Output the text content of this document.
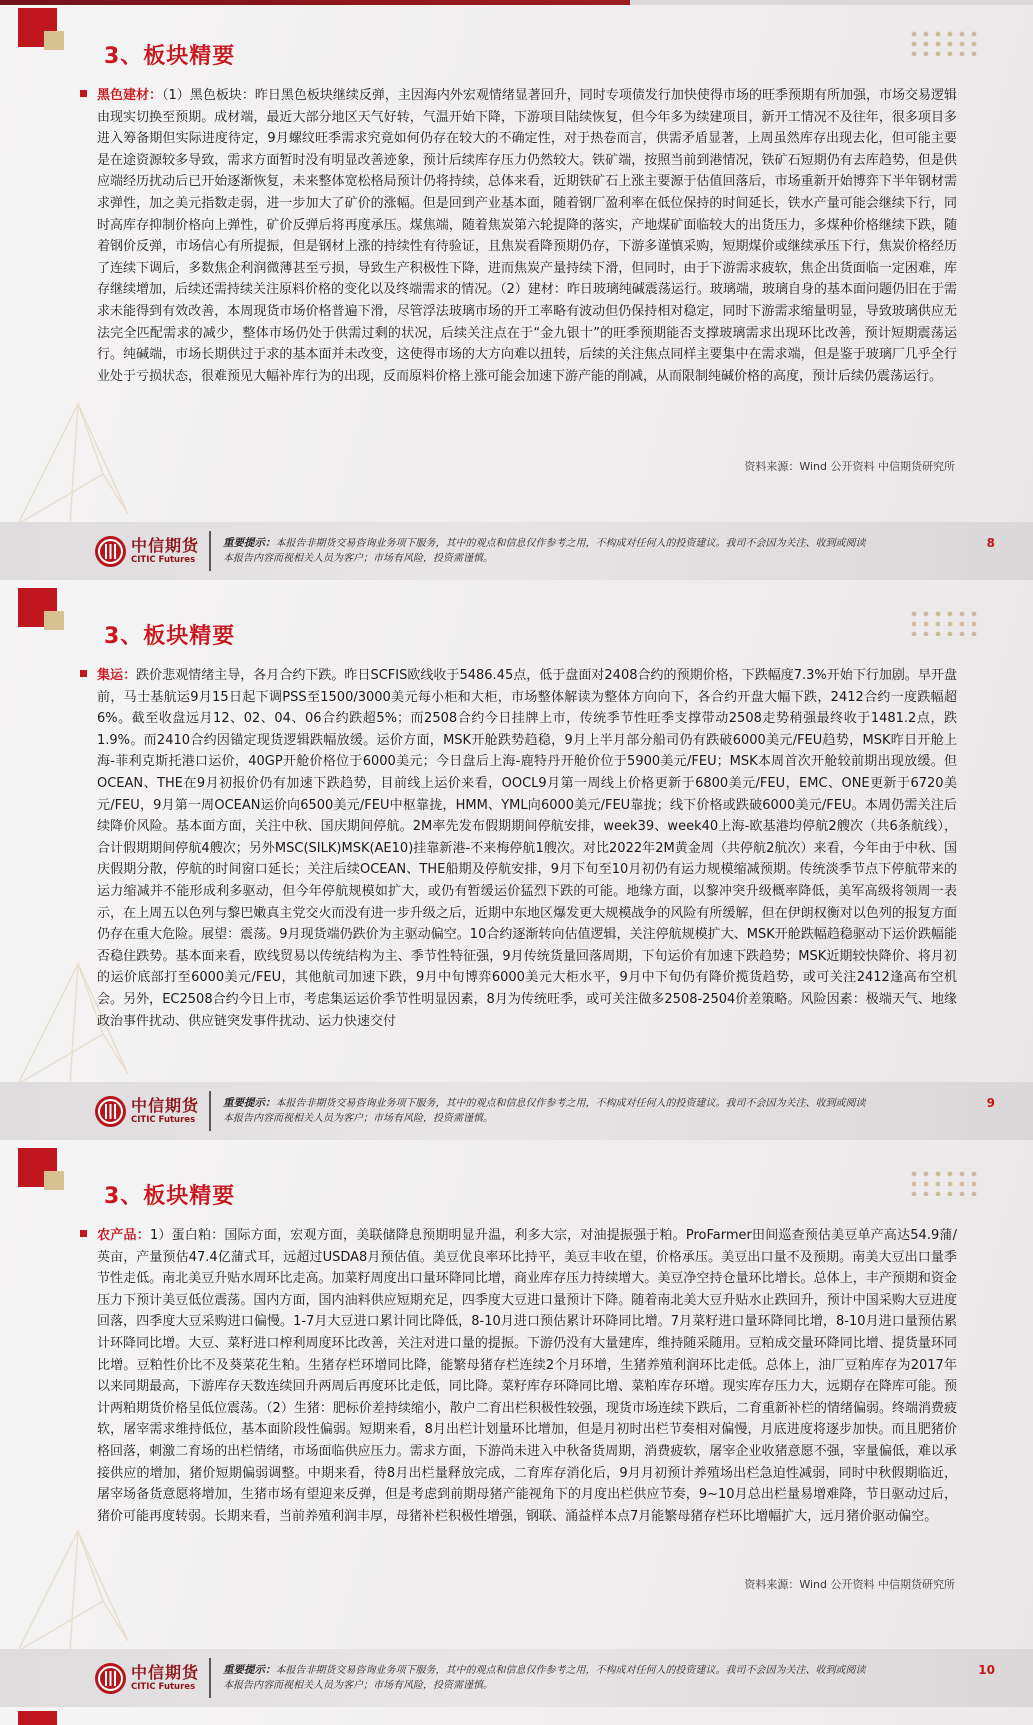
3、板块精要

黑色建材：（1）黑色板块：昨日黑色板块继续反弹，主因海内外宏观情绪显著回升，同时专项债发行加快使得市场的旺季预期有所加强，市场交易逻辑由现实切换至预期。成材端，最近大部分地区天气好转，气温开始下降，下游项目陆续恢复，但今年多为续建项目，新开工情况不及往年，很多项目多进入筹备期但实际进度待定，9月螺纹旺季需求究竟如何仍存在较大的不确定性，对于热卷而言，供需矛盾显著，上周虽然库存出现去化，但可能主要是在途资源较多导致，需求方面暂时没有明显改善迹象，预计后续库存压力仍然较大。铁矿端，按照当前到港情况，铁矿石短期仍有去库趋势，但是供应端经历扰动后已开始逐渐恢复，未来整体宽松格局预计仍将持续，总体来看，近期铁矿石上涨主要源于估值回落后，市场重新开始博弈下半年钢材需求弹性，加之美元指数走弱，进一步加大了矿价的涨幅。但是回到产业基本面，随着钢厂盈利率在低位保持的时间延长，铁水产量可能会继续下行，同时高库存抑制价格向上弹性，矿价反弹后将再度承压。煤焦端，随着焦炭第六轮提降的落实，产地煤矿面临较大的出货压力，多煤种价格继续下跌，随着钢价反弹，市场信心有所提振，但是钢材上涨的持续性有待验证，且焦炭看降预期仍存，下游多谨慎采购，短期煤价或继续承压下行，焦炭价格经历了连续下调后，多数焦企利润微薄甚至亏损，导致生产积极性下降，进而焦炭产量持续下滑，但同时，由于下游需求疲软，焦企出货面临一定困难，库存继续增加，后续还需持续关注原料价格的变化以及终端需求的情况。（2）建材：昨日玻璃纯碱震荡运行。玻璃端，玻璃自身的基本面问题仍旧在于需求未能得到有效改善，本周现货市场价格普遍下滑，尽管浮法玻璃市场的开工率略有波动但仍保持相对稳定，同时下游需求缩量明显，导致玻璃供应无法完全匹配需求的减少，整体市场仍处于供需过剩的状况，后续关注点在于“金九银十”的旺季预期能否支撑玻璃需求出现环比改善，预计短期震荡运行。纯碱端，市场长期供过于求的基本面并未改变，这使得市场的大方向难以扭转，后续的关注焦点同样主要集中在需求端，但是鉴于玻璃厂几乎全行业处于亏损状态，很难预见大幅补库行为的出现，反而原料价格上涨可能会加速下游产能的削减，从而限制纯碱价格的高度，预计后续仍震荡运行。

资料来源：Wind 公开资料 中信期货研究所
中信期货
CITIC Futures
重要提示：本报告非期货交易咨询业务项下服务，其中的观点和信息仅作参考之用，不构成对任何人的投资建议。我司不会因为关注、收到或阅读
本报告内容而视相关人员为客户；市场有风险，投资需谨慎。
8
3、板块精要

集运：跌价悲观情绪主导，各月合约下跌。昨日SCFIS欧线收于5486.45点，低于盘面对2408合约的预期价格，下跌幅度7.3%开始下行加剧。早开盘前，马士基航运9月15日起下调PSS至1500/3000美元每小柜和大柜，市场整体解读为整体方向向下，各合约开盘大幅下跌，2412合约一度跌幅超6%。截至收盘远月12、02、04、06合约跌超5%；而2508合约今日挂牌上市，传统季节性旺季支撑带动2508走势稍强最终收于1481.2点，跌1.9%。而2410合约因锚定现货逻辑跌幅放缓。运价方面，MSK开舱跌势趋稳，9月上半月部分船司仍有跌破6000美元/FEU趋势，MSK昨日开舱上海-菲利克斯托港口运价，40GP开舱价格位于6000美元；今日盘后上海-鹿特丹开舱价位于5900美元/FEU；MSK本周首次开舱较前期出现放缓。但OCEAN、THE在9月初报价仍有加速下跌趋势，目前线上运价来看，OOCL9月第一周线上价格更新于6800美元/FEU，EMC、ONE更新于6720美元/FEU，9月第一周OCEAN运价向6500美元/FEU中枢靠拢，HMM、YML向6000美元/FEU靠拢；线下价格或跌破6000美元/FEU。本周仍需关注后续降价风险。基本面方面，关注中秋、国庆期间停航。2M率先发布假期期间停航安排，week39、week40上海-欧基港均停航2艘次（共6条航线），合计假期期间停航4艘次；另外MSC(SILK)MSK(AE10)挂靠新港-不来梅停航1艘次。对比2022年2M黄金周（共停航2航次）来看，今年由于中秋、国庆假期分散，停航的时间窗口延长；关注后续OCEAN、THE船期及停航安排，9月下旬至10月初仍有运力规模缩减预期。传统淡季节点下停航带来的运力缩减并不能形成利多驱动，但今年停航规模如扩大，或仍有暂缓运价猛烈下跌的可能。地缘方面，以黎冲突升级概率降低，美军高级将领周一表示，在上周五以色列与黎巴嫩真主党交火而没有进一步升级之后，近期中东地区爆发更大规模战争的风险有所缓解，但在伊朗权衡对以色列的报复方面仍存在重大危险。展望：震荡。9月现货端仍跌价为主驱动偏空。10合约逐渐转向估值逻辑，关注停航规模扩大、MSK开舱跌幅趋稳驱动下运价跌幅能否稳住跌势。基本面来看，欧线贸易以传统结构为主、季节性特征强，9月传统货量回落周期，下旬运价有加速下跌趋势；MSK近期较快降价、将月初的运价底部打至6000美元/FEU，其他航司加速下跌，9月中旬博弈6000美元大柜水平，9月中下旬仍有降价揽货趋势，或可关注2412逢高布空机会。另外，EC2508合约今日上市，考虑集运运价季节性明显因素，8月为传统旺季，或可关注做多2508-2504价差策略。风险因素：极端天气、地缘政治事件扰动、供应链突发事件扰动、运力快速交付

中信期货
CITIC Futures
重要提示：本报告非期货交易咨询业务项下服务，其中的观点和信息仅作参考之用，不构成对任何人的投资建议。我司不会因为关注、收到或阅读
本报告内容而视相关人员为客户；市场有风险，投资需谨慎。
9
3、板块精要

农产品：1）蛋白粕：国际方面，宏观方面，美联储降息预期明显升温，利多大宗，对油提振强于粕。ProFarmer田间巡查预估美豆单产高达54.9蒲/英亩，产量预估47.4亿蒲式耳，远超过USDA8月预估值。美豆优良率环比持平，美豆丰收在望，价格承压。美豆出口量不及预期。南美大豆出口量季节性走低。南北美豆升贴水周环比走高。加菜籽周度出口量环降同比增，商业库存压力持续增大。美豆净空持仓量环比增长。总体上，丰产预期和资金压力下预计美豆低位震荡。国内方面，国内油料供应短期充足，四季度大豆进口量预计下降。随着南北美大豆升贴水止跌回升，预计中国采购大豆进度回落，四季度大豆采购进口偏慢。1-7月大豆进口累计同比降低，8-10月进口预估累计环降同比增。7月菜籽进口量环降同比增，8-10月进口量预估累计环降同比增。大豆、菜籽进口榨利周度环比改善，关注对进口量的提振。下游仍没有大量建库，维持随采随用。豆粕成交量环降同比增、提货量环同比增。豆粕性价比不及葵菜花生粕。生猪存栏环增同比降，能繁母猪存栏连续2个月环增，生猪养殖利润环比走低。总体上，油厂豆粕库存为2017年以来同期最高，下游库存天数连续回升两周后再度环比走低，同比降。菜籽库存环降同比增、菜粕库存环增。现实库存压力大，远期存在降库可能。预计两粕期货价格呈低位震荡。（2）生猪：肥标价差持续缩小，散户二育出栏积极性较强，现货市场连续下跌后，二育重新补栏的情绪偏弱。终端消费疲软，屠宰需求维持低位，基本面阶段性偏弱。短期来看，8月出栏计划量环比增加，但是月初时出栏节奏相对偏慢，月底进度将逐步加快。而且肥猪价格回落，刺激二育场的出栏情绪，市场面临供应压力。需求方面，下游尚未进入中秋备货周期，消费疲软，屠宰企业收猪意愿不强，宰量偏低，难以承接供应的增加，猪价短期偏弱调整。中期来看，待8月出栏量释放完成，二育库存消化后，9月月初预计养殖场出栏急迫性减弱，同时中秋假期临近，屠宰场备货意愿将增加，生猪市场有望迎来反弹，但是考虑到前期母猪产能视角下的月度出栏供应节奏，9~10月总出栏量易增难降，节日驱动过后，猪价可能再度转弱。长期来看，当前养殖利润丰厚，母猪补栏积极性增强，钢联、涌益样本点7月能繁母猪存栏环比增幅扩大，远月猪价驱动偏空。

资料来源：Wind 公开资料 中信期货研究所
中信期货
CITIC Futures
重要提示：本报告非期货交易咨询业务项下服务，其中的观点和信息仅作参考之用，不构成对任何人的投资建议。我司不会因为关注、收到或阅读
本报告内容而视相关人员为客户；市场有风险，投资需谨慎。
10
